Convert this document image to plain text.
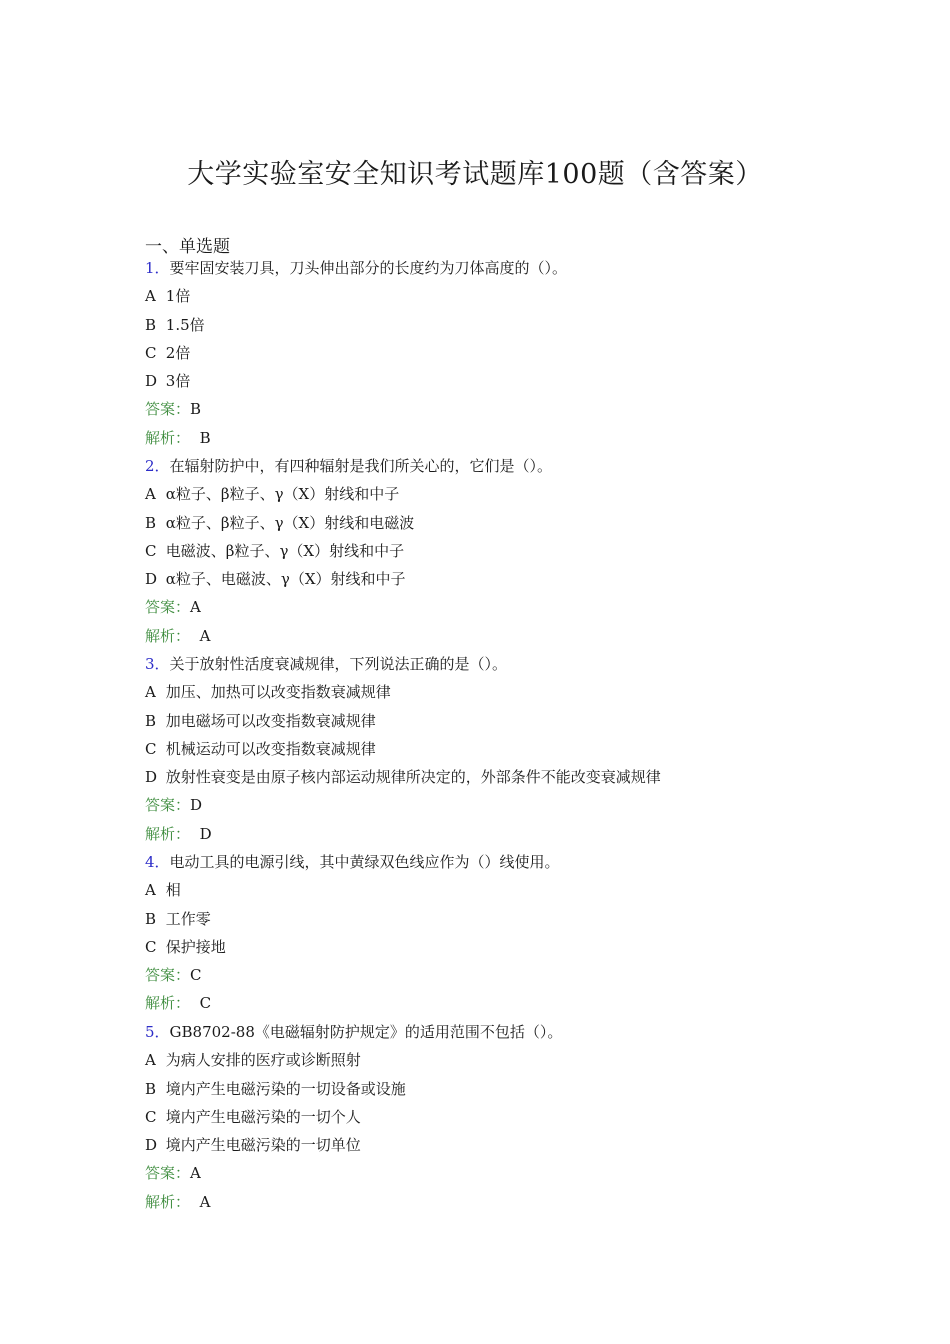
大学实验室安全知识考试题库100题（含答案）
一、单选题
1．要牢固安装刀具，刀头伸出部分的长度约为刀体高度的（）。
A 1倍
B 1.5倍
C 2倍
D 3倍
答案：B
解析： B
2．在辐射防护中，有四种辐射是我们所关心的，它们是（）。
A α粒子、β粒子、γ（X）射线和中子
B α粒子、β粒子、γ（X）射线和电磁波
C 电磁波、β粒子、γ（X）射线和中子
D α粒子、电磁波、γ（X）射线和中子
答案：A
解析： A
3．关于放射性活度衰减规律，下列说法正确的是（）。
A 加压、加热可以改变指数衰减规律
B 加电磁场可以改变指数衰减规律
C 机械运动可以改变指数衰减规律
D 放射性衰变是由原子核内部运动规律所决定的，外部条件不能改变衰减规律
答案：D
解析： D
4．电动工具的电源引线，其中黄绿双色线应作为（）线使用。
A 相
B 工作零
C 保护接地
答案：C
解析： C
5．GB8702-88《电磁辐射防护规定》的适用范围不包括（）。
A 为病人安排的医疗或诊断照射
B 境内产生电磁污染的一切设备或设施
C 境内产生电磁污染的一切个人
D 境内产生电磁污染的一切单位
答案：A
解析： A
